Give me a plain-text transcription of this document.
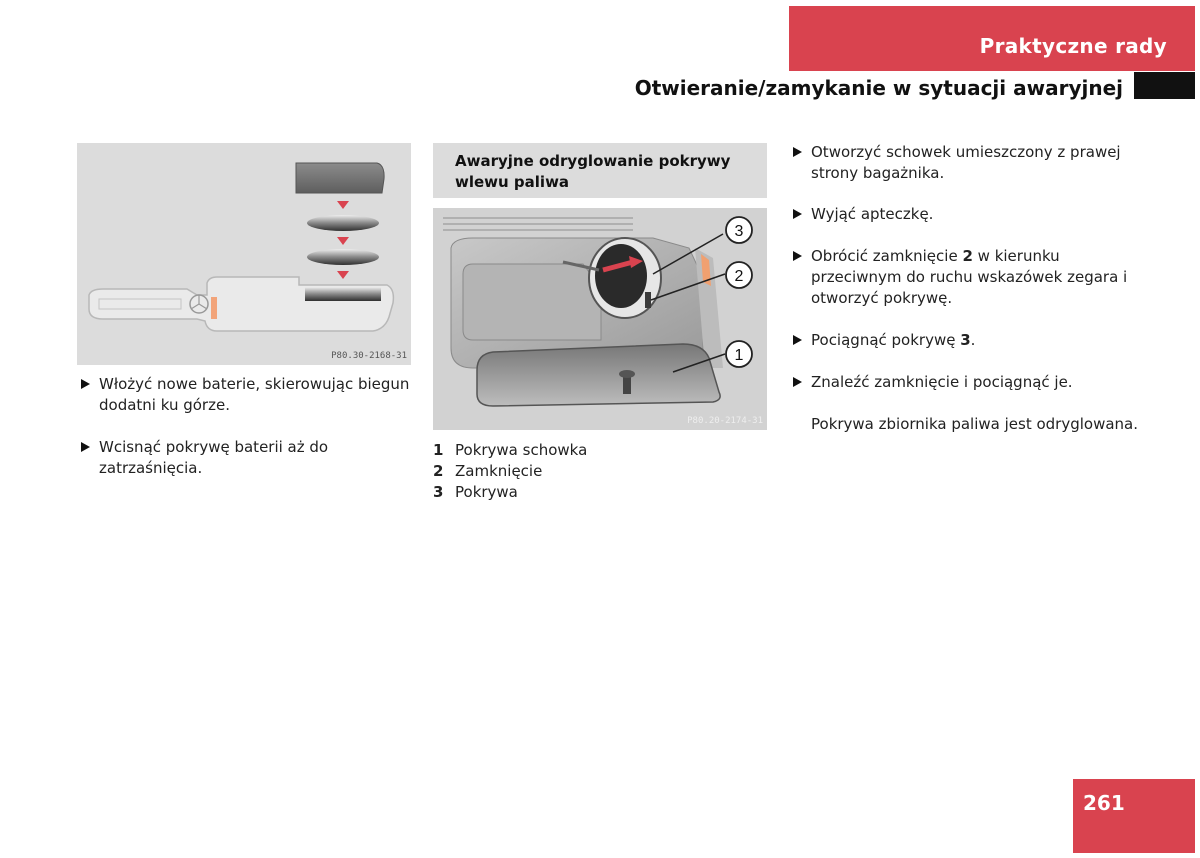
Praktyczne rady
Otwieranie/zamykanie w sytuacji awaryjnej
P80.30-2168-31
Włożyć nowe baterie, skierowując biegun dodatni ku górze.
Wcisnąć pokrywę baterii aż do zatrzaśnięcia.
Awaryjne odryglowanie pokrywy wlewu paliwa
3
2
1
P80.20-2174-31
1 Pokrywa schowka
2 Zamknięcie
3 Pokrywa
Otworzyć schowek umieszczony z prawej strony bagażnika.
Wyjąć apteczkę.
Obrócić zamknięcie 2 w kierunku przeciwnym do ruchu wskazówek zegara i otworzyć pokrywę.
Pociągnąć pokrywę 3.
Znaleźć zamknięcie i pociągnąć je.
Pokrywa zbiornika paliwa jest odryglowana.
261
